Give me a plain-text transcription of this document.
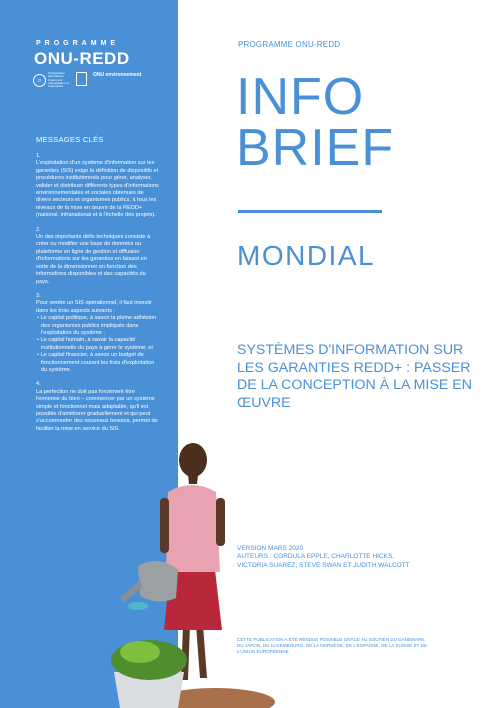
PROGRAMME
ONU-REDD
☼
Organisation des Nations Unies pour l'alimentation et l'agriculture
ONU environnement
MESSAGES CLÉS
1.
L'exploitation d'un système d'information sur les garanties (SIS) exige la définition de dispositifs et procédures institutionnels pour gérer, analyser, valider et distribuer différents types d'informations environnementales et sociales obtenues de divers secteurs et organismes publics, à tous les niveaux de la mise en œuvre de la REDD+ (national, infranational et à l'échelle des projets).
2.
Un des importants défis techniques consiste à créer ou modifier une base de données ou plateforme en ligne de gestion et diffusion d'informations sur les garanties en faisant en sorte de la dimensionner en fonction des informations disponibles et des capacités du pays.
3.
Pour rendre un SIS opérationnel, il faut investir dans les trois aspects suivants :
• Le capital politique, à savoir la pleine adhésion des organismes publics impliqués dans l'exploitation du système ;
• Le capital humain, à savoir la capacité institutionnelle du pays à gérer le système; et
• Le capital financier, à savoir un budget de fonctionnement courant les frais d'exploitation du système.
4.
La perfection ne doit pas forcément être l'ennemie du bien – commencer par un système simple et fonctionnel mais adaptable, qu'il est possible d'améliorer graduellement et qui peut s'accommoder des nouveaux besoins, permet de faciliter la mise en service du SIS.
PROGRAMME ONU-REDD
INFO
BRIEF
MONDIAL
SYSTÈMES D'INFORMATION SUR LES GARANTIES REDD+ : PASSER DE LA CONCEPTION À LA MISE EN ŒUVRE
VERSION MARS 2020
AUTEURS : CORDULA EPPLE, CHARLOTTE HICKS, VICTORIA SUAREZ, STEVE SWAN ET JUDITH WALCOTT
CETTE PUBLICATION A ÉTÉ RENDUE POSSIBLE GRÂCE AU SOUTIEN DU DANEMARK, DU JAPON, DU LUXEMBOURG, DE LA NORVÈGE, DE L'ESPAGNE, DE LA SUISSE ET DE L'UNION EUROPÉENNE
